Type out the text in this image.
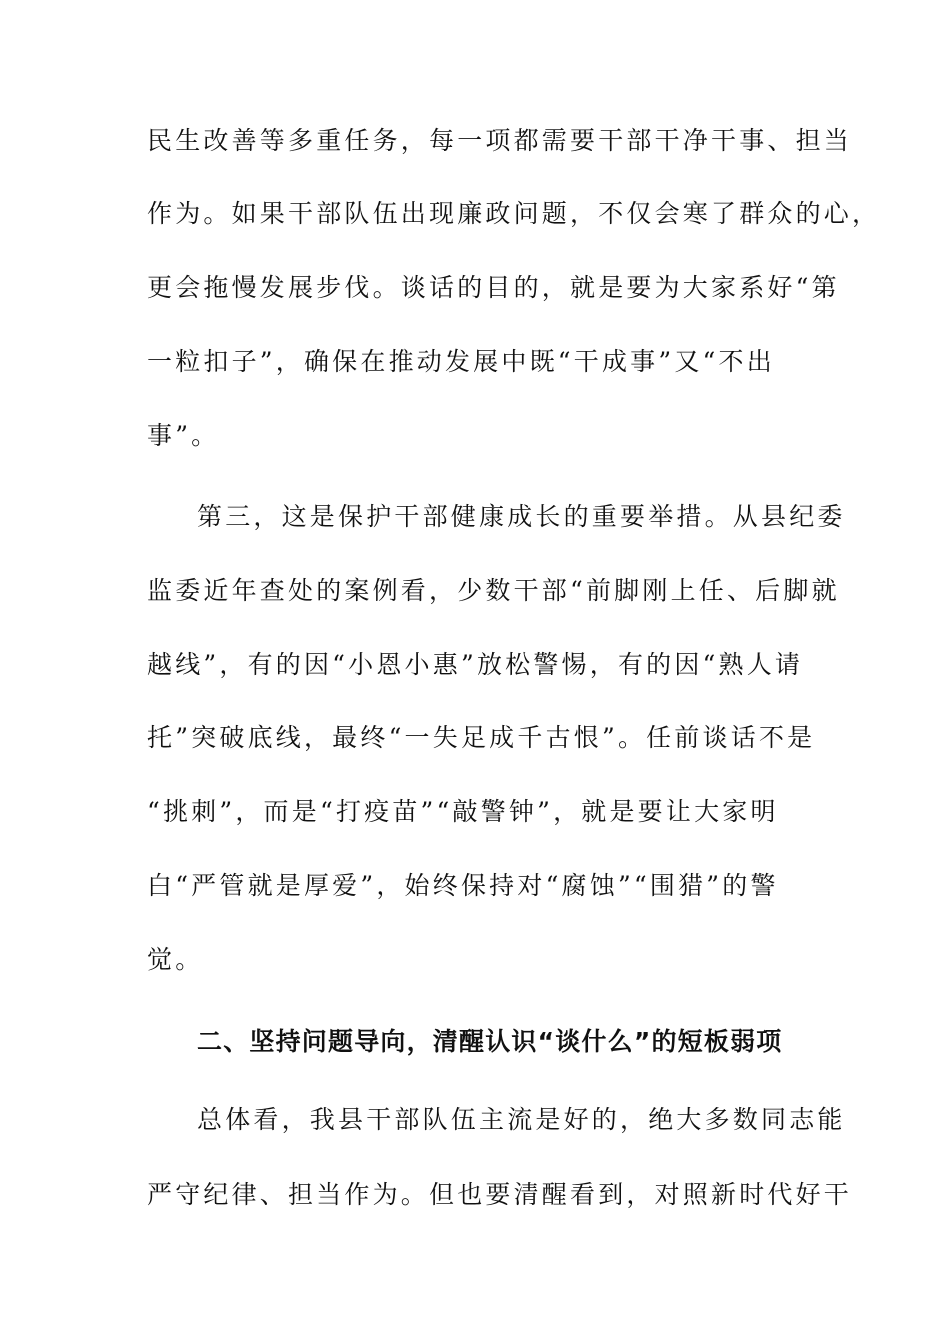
民生改善等多重任务，每一项都需要干部干净干事、担当
作为。如果干部队伍出现廉政问题，不仅会寒了群众的心，
更会拖慢发展步伐。谈话的目的，就是要为大家系好“第
一粒扣子”，确保在推动发展中既“干成事”又“不出
事”。
第三，这是保护干部健康成长的重要举措。从县纪委
监委近年查处的案例看，少数干部“前脚刚上任、后脚就
越线”，有的因“小恩小惠”放松警惕，有的因“熟人请
托”突破底线，最终“一失足成千古恨”。任前谈话不是
“挑刺”，而是“打疫苗”“敲警钟”，就是要让大家明
白“严管就是厚爱”，始终保持对“腐蚀”“围猎”的警
觉。
二、坚持问题导向，清醒认识“谈什么”的短板弱项
总体看，我县干部队伍主流是好的，绝大多数同志能
严守纪律、担当作为。但也要清醒看到，对照新时代好干
